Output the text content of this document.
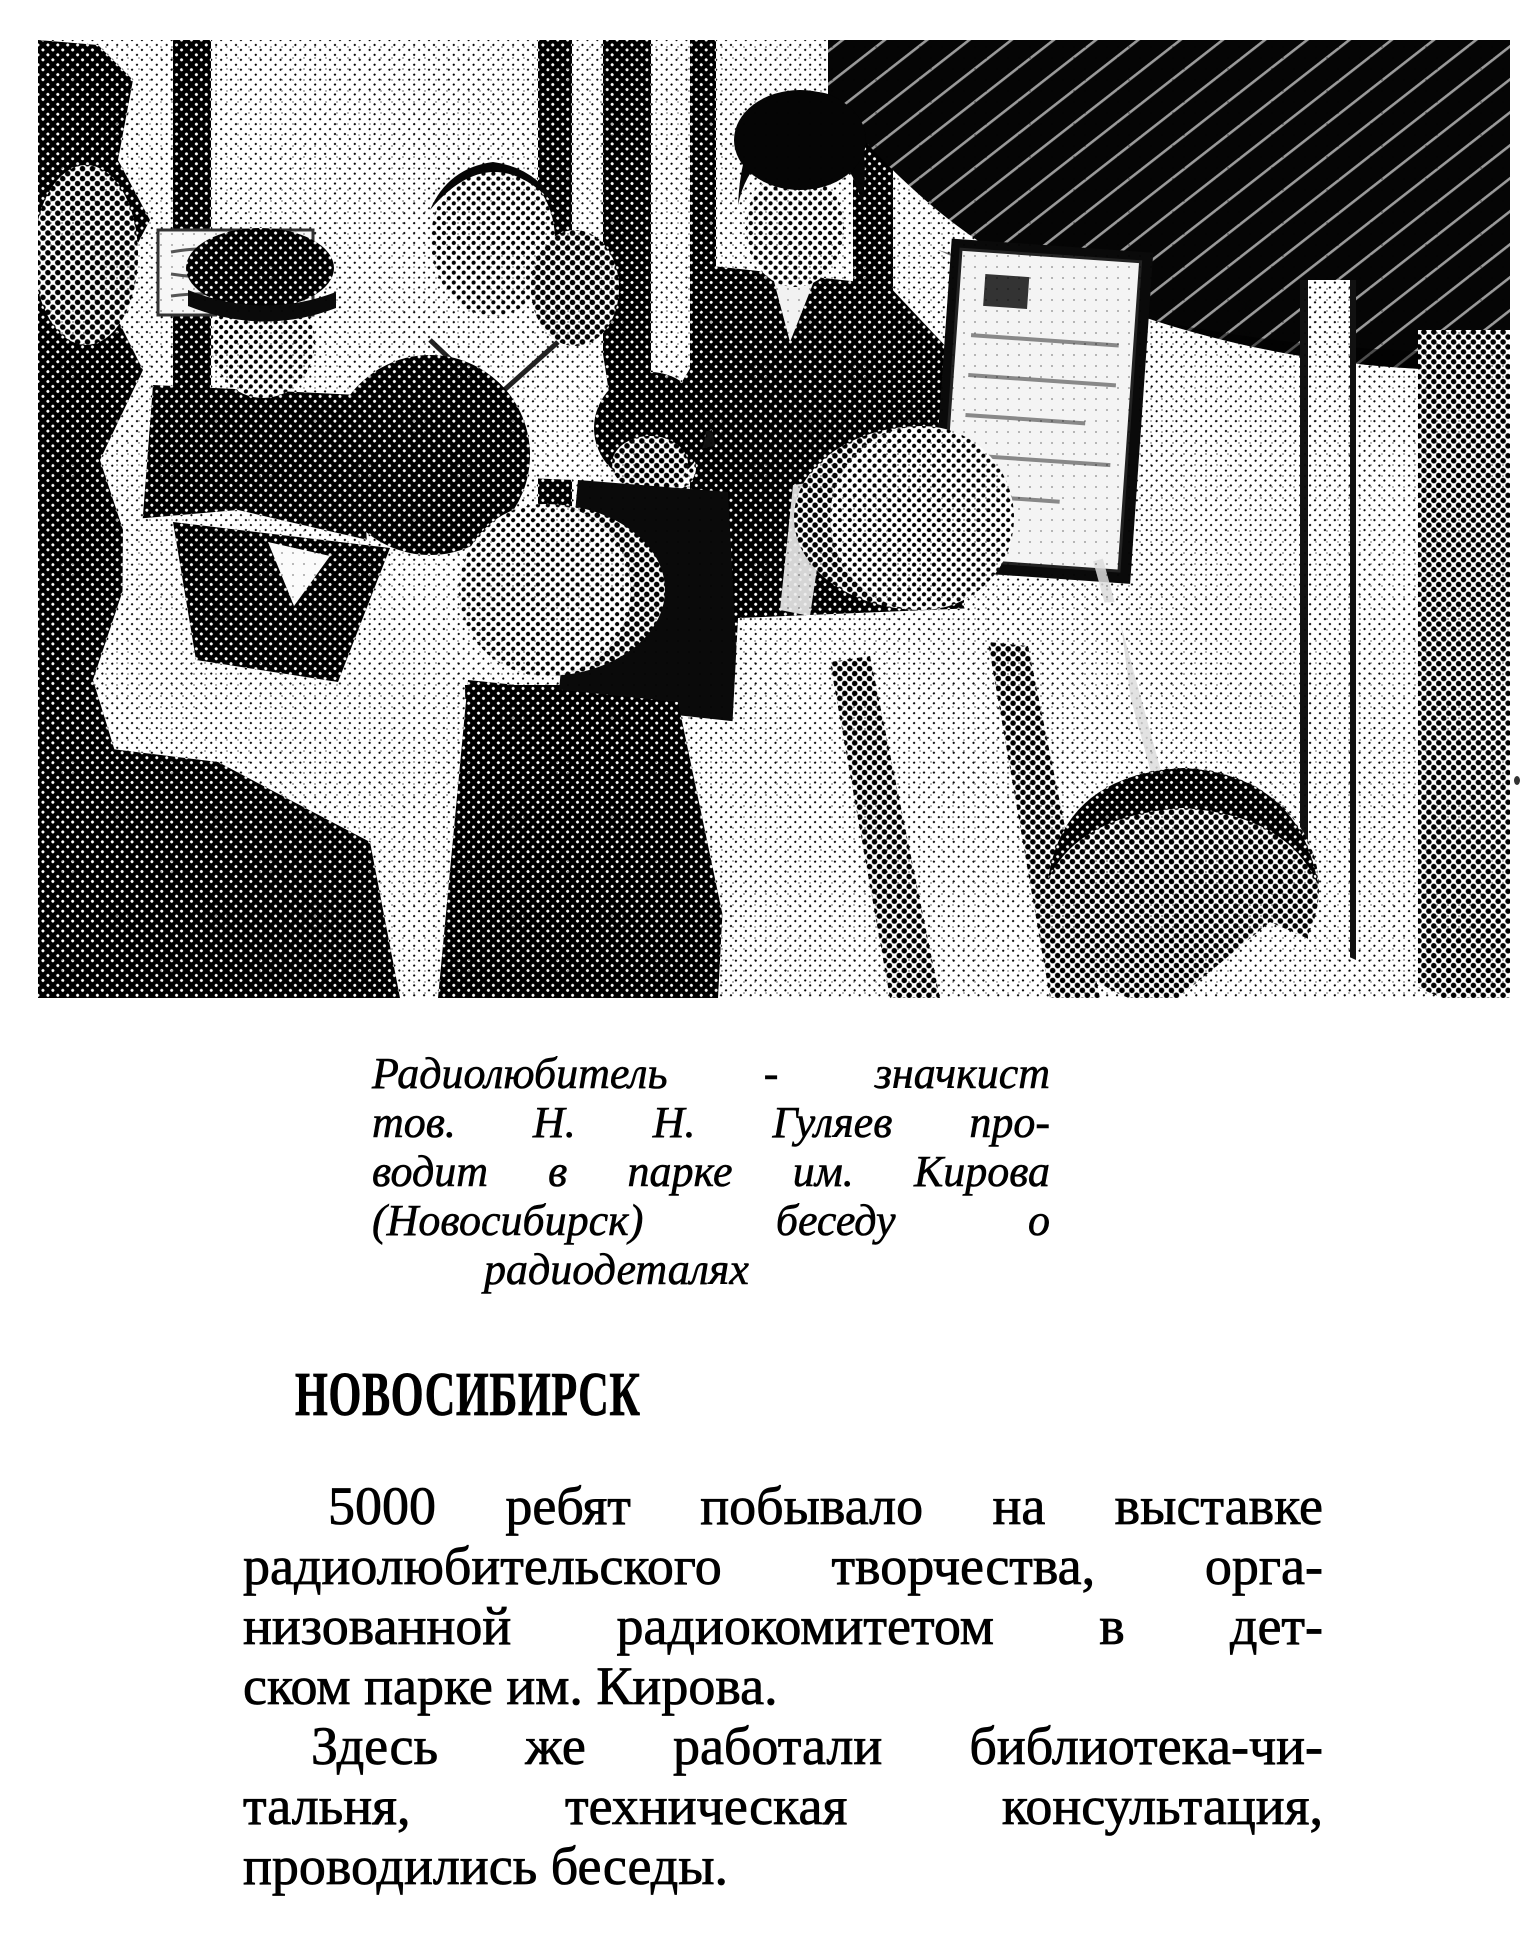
Радиолюбитель - значкист
тов. Н. Н. Гуляев про-
водит в парке им. Кирова
(Новосибирск) беседу о
радиодеталях
НОВОСИБИРСК
5000 ребят побывало на выставке
радиолюбительского творчества, орга-
низованной радиокомитетом в дет-
ском парке им. Кирова.
Здесь же работали библиотека-чи-
тальня, техническая консультация,
проводились беседы.
